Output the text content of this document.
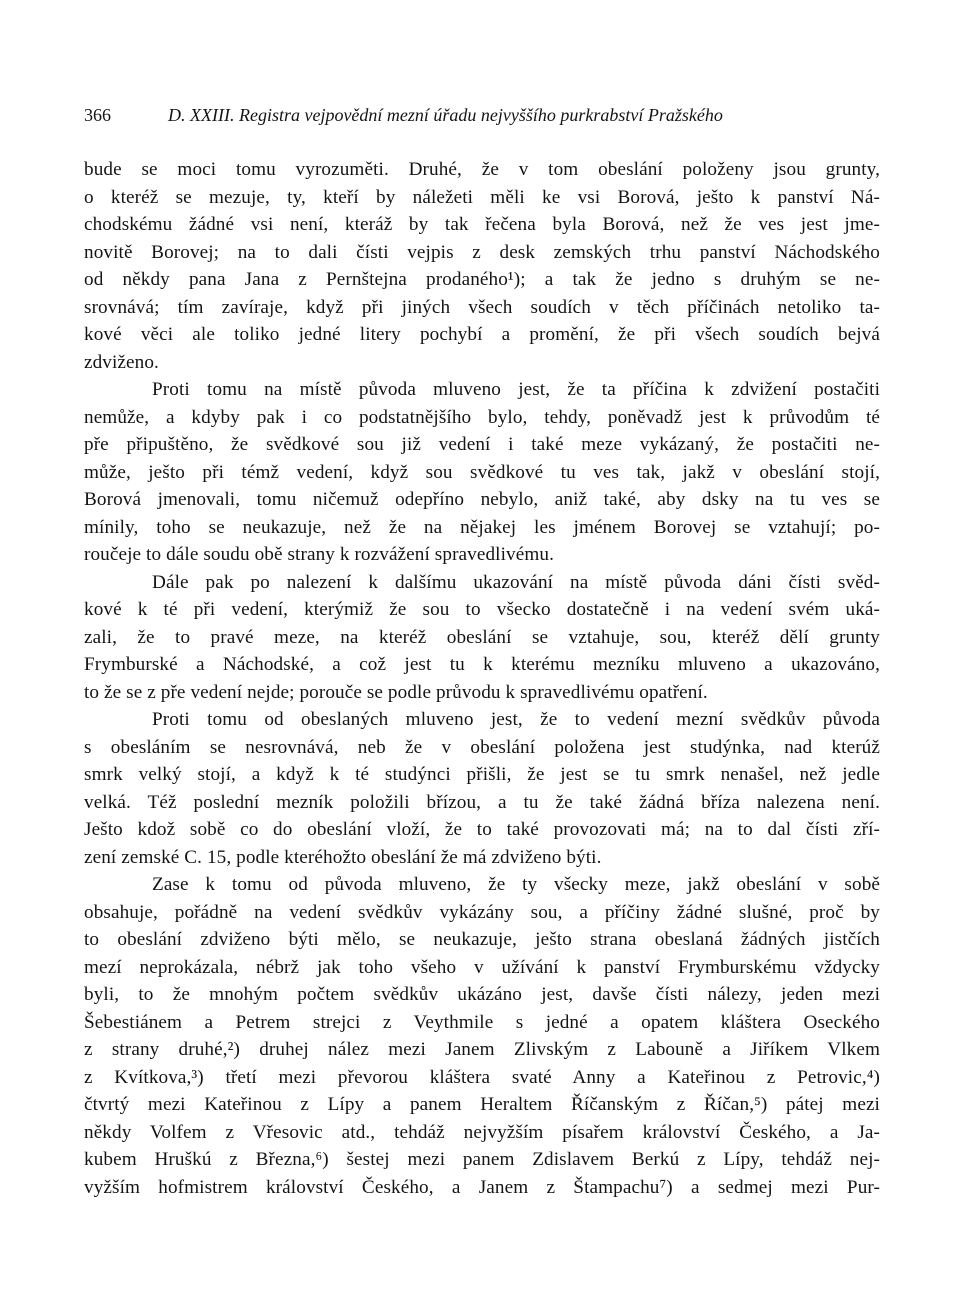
366	D. XXIII. Registra vejpovědní mezní úřadu nejvyššího purkrabství Pražského
bude se moci tomu vyrozuměti. Druhé, že v tom obeslání položeny jsou grunty,
o kteréž se mezuje, ty, kteří by náležeti měli ke vsi Borová, ješto k panství Ná-
chodskému žádné vsi není, kteráž by tak řečena byla Borová, než že ves jest jme-
novitě Borovej; na to dali čísti vejpis z desk zemských trhu panství Náchodského
od někdy pana Jana z Pernštejna prodaného¹); a tak že jedno s druhým se ne-
srovnává; tím zavíraje, když při jiných všech soudích v těch příčinách netoliko ta-
kové věci ale toliko jedné litery pochybí a promění, že při všech soudích bejvá
zdviženo.
Proti tomu na místě původa mluveno jest, že ta příčina k zdvižení postačiti
nemůže, a kdyby pak i co podstatnějšího bylo, tehdy, poněvadž jest k průvodům té
pře připuštěno, že svědkové sou již vedení i také meze vykázaný, že postačiti ne-
může, ješto při témž vedení, když sou svědkové tu ves tak, jakž v obeslání stojí,
Borová jmenovali, tomu ničemuž odepříno nebylo, aniž také, aby dsky na tu ves se
mínily, toho se neukazuje, než že na nějakej les jménem Borovej se vztahují; po-
roučeje to dále soudu obě strany k rozvážení spravedlivému.
Dále pak po nalezení k dalšímu ukazování na místě původa dáni čísti svěd-
kové k té při vedení, kterýmiž že sou to všecko dostatečně i na vedení svém uká-
zali, že to pravé meze, na kteréž obeslání se vztahuje, sou, kteréž dělí grunty
Frymburské a Náchodské, a což jest tu k kterému mezníku mluveno a ukazováno,
to že se z pře vedení nejde; porouče se podle průvodu k spravedlivému opatření.
Proti tomu od obeslaných mluveno jest, že to vedení mezní svědkův původa
s obesláním se nesrovnává, neb že v obeslání položena jest studýnka, nad kterúž
smrk velký stojí, a když k té studýnci přišli, že jest se tu smrk nenašel, než jedle
velká. Též poslední mezník položili břízou, a tu že také žádná bříza nalezena není.
Ješto kdož sobě co do obeslání vloží, že to také provozovati má; na to dal čísti zří-
zení zemské C. 15, podle kteréhožto obeslání že má zdviženo býti.
Zase k tomu od původa mluveno, že ty všecky meze, jakž obeslání v sobě
obsahuje, pořádně na vedení svědkův vykázány sou, a příčiny žádné slušné, proč by
to obeslání zdviženo býti mělo, se neukazuje, ješto strana obeslaná žádných jistčích
mezí neprokázala, nébrž jak toho všeho v užívání k panství Frymburskému vždycky
byli, to že mnohým počtem svědkův ukázáno jest, davše čísti nálezy, jeden mezi
Šebestiánem a Petrem strejci z Veythmile s jedné a opatem kláštera Oseckého
z strany druhé,²) druhej nález mezi Janem Zlivským z Labouně a Jiříkem Vlkem
z Kvítkova,³) třetí mezi převorou kláštera svaté Anny a Kateřinou z Petrovic,⁴)
čtvrtý mezi Kateřinou z Lípy a panem Heraltem Říčanským z Říčan,⁵) pátej mezi
někdy Volfem z Vřesovic atd., tehdáž nejvyžším písařem království Českého, a Ja-
kubem Hruškú z Března,⁶) šestej mezi panem Zdislavem Berkú z Lípy, tehdáž nej-
vyžším hofmistrem království Českého, a Janem z Štampachu⁷) a sedmej mezi Pur-
